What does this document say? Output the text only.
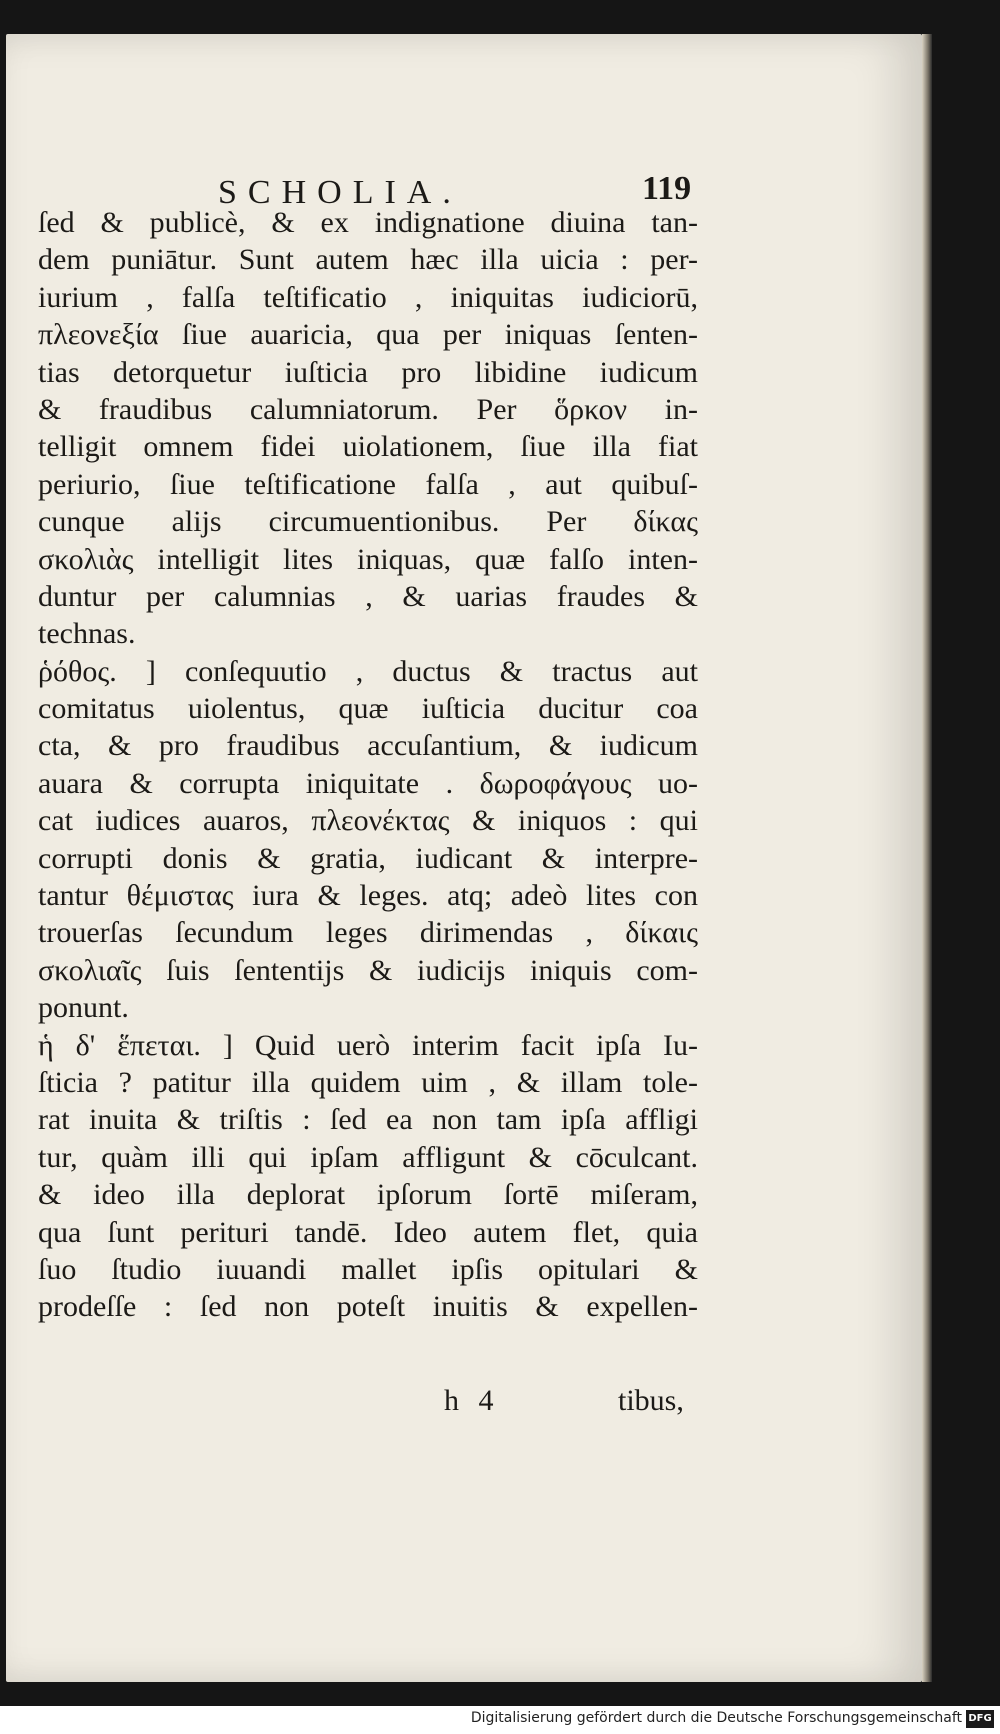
SCHOLIA.	119
ſed & publicè, & ex indignatione diuina tan-
dem puniātur. Sunt autem hæc illa uicia : per-
iurium , falſa teſtificatio , iniquitas iudiciorū,
πλεονεξία ſiue auaricia, qua per iniquas ſenten-
tias detorquetur iuſticia pro libidine iudicum
& fraudibus calumniatorum. Per ὅρκον in-
telligit omnem fidei uiolationem, ſiue illa fiat
periurio, ſiue teſtificatione falſa , aut quibuſ-
cunque alijs circumuentionibus. Per δίκας
σκολιὰς intelligit lites iniquas, quæ falſo inten-
duntur per calumnias , & uarias fraudes &
technas.
ῥόθος. ] conſequutio , ductus & tractus aut
comitatus uiolentus, quæ iuſticia ducitur coa
cta, & pro fraudibus accuſantium, & iudicum
auara & corrupta iniquitate . δωροφάγους uo-
cat iudices auaros, πλεονέκτας & iniquos : qui
corrupti donis & gratia, iudicant & interpre-
tantur θέμιστας iura & leges. atq; adeò lites con
trouerſas ſecundum leges dirimendas , δίκαις
σκολιαῖς ſuis ſententijs & iudicijs iniquis com-
ponunt.
ἡ δ' ἕπεται. ] Quid uerò interim facit ipſa Iu-
ſticia ? patitur illa quidem uim , & illam tole-
rat inuita & triſtis : ſed ea non tam ipſa affligi
tur, quàm illi qui ipſam affligunt & cōculcant.
& ideo illa deplorat ipſorum ſortē miſeram,
qua ſunt perituri tandē. Ideo autem flet, quia
ſuo ſtudio iuuandi mallet ipſis opitulari &
prodeſſe : ſed non poteſt inuitis & expellen-
h 4	tibus,
Digitalisierung gefördert durch die Deutsche Forschungsgemeinschaft DFG
